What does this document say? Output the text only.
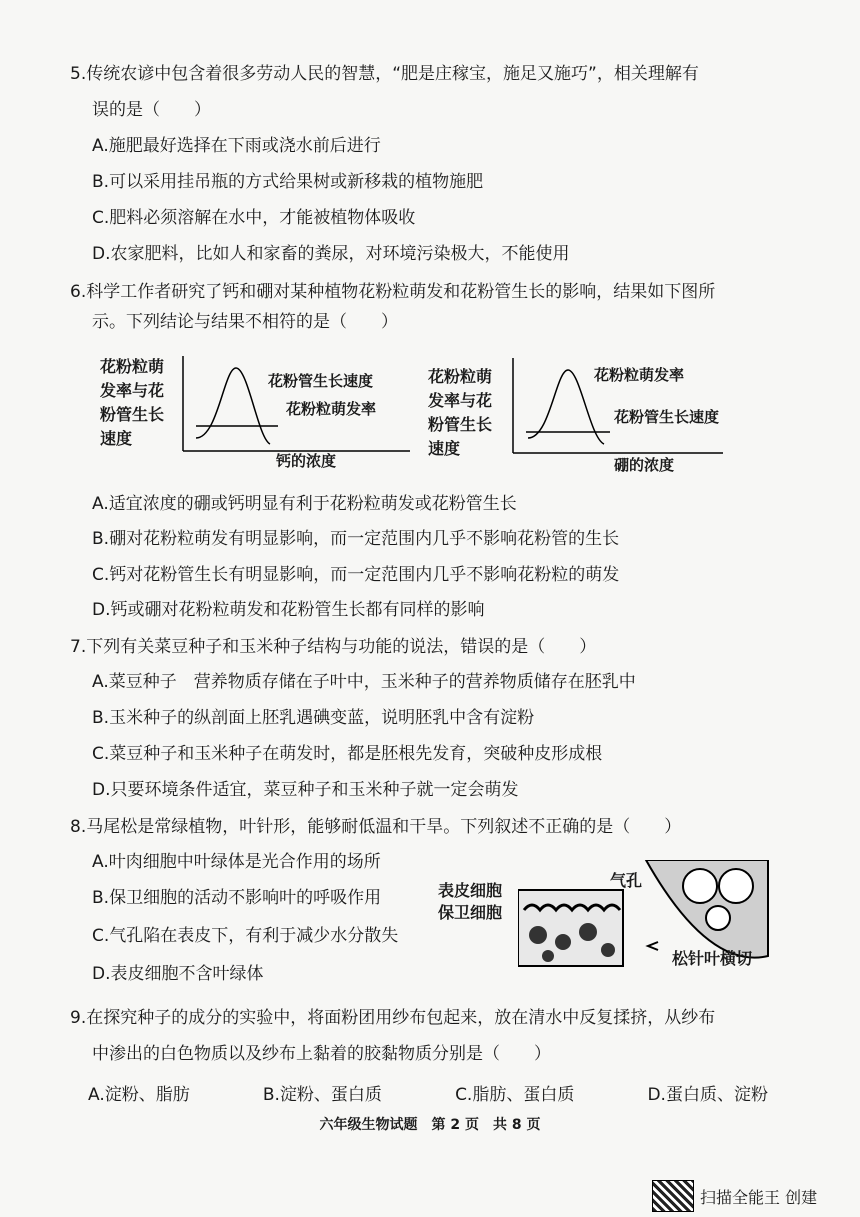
5.传统农谚中包含着很多劳动人民的智慧，“肥是庄稼宝，施足又施巧”，相关理解有
误的是（　　）
A.施肥最好选择在下雨或浇水前后进行
B.可以采用挂吊瓶的方式给果树或新移栽的植物施肥
C.肥料必须溶解在水中，才能被植物体吸收
D.农家肥料，比如人和家畜的粪尿，对环境污染极大，不能使用
6.科学工作者研究了钙和硼对某种植物花粉粒萌发和花粉管生长的影响，结果如下图所
示。下列结论与结果不相符的是（　　）
花粉粒萌
发率与花
粉管生长
速度
花粉管生长速度
花粉粒萌发率
钙的浓度
花粉粒萌
发率与花
粉管生长
速度
花粉粒萌发率
花粉管生长速度
硼的浓度
A.适宜浓度的硼或钙明显有利于花粉粒萌发或花粉管生长
B.硼对花粉粒萌发有明显影响，而一定范围内几乎不影响花粉管的生长
C.钙对花粉管生长有明显影响，而一定范围内几乎不影响花粉粒的萌发
D.钙或硼对花粉粒萌发和花粉管生长都有同样的影响
7.下列有关菜豆种子和玉米种子结构与功能的说法，错误的是（　　）
A.菜豆种子　营养物质存储在子叶中，玉米种子的营养物质储存在胚乳中
B.玉米种子的纵剖面上胚乳遇碘变蓝，说明胚乳中含有淀粉
C.菜豆种子和玉米种子在萌发时，都是胚根先发育，突破种皮形成根
D.只要环境条件适宜，菜豆种子和玉米种子就一定会萌发
8.马尾松是常绿植物，叶针形，能够耐低温和干旱。下列叙述不正确的是（　　）
A.叶肉细胞中叶绿体是光合作用的场所
B.保卫细胞的活动不影响叶的呼吸作用
C.气孔陷在表皮下，有利于减少水分散失
D.表皮细胞不含叶绿体
表皮细胞
保卫细胞
气孔
松针叶横切
9.在探究种子的成分的实验中，将面粉团用纱布包起来，放在清水中反复揉挤，从纱布
中渗出的白色物质以及纱布上黏着的胶黏物质分别是（　　）
A.淀粉、脂肪	B.淀粉、蛋白质	C.脂肪、蛋白质	D.蛋白质、淀粉
六年级生物试题　第 2 页　共 8 页
扫描全能王 创建
